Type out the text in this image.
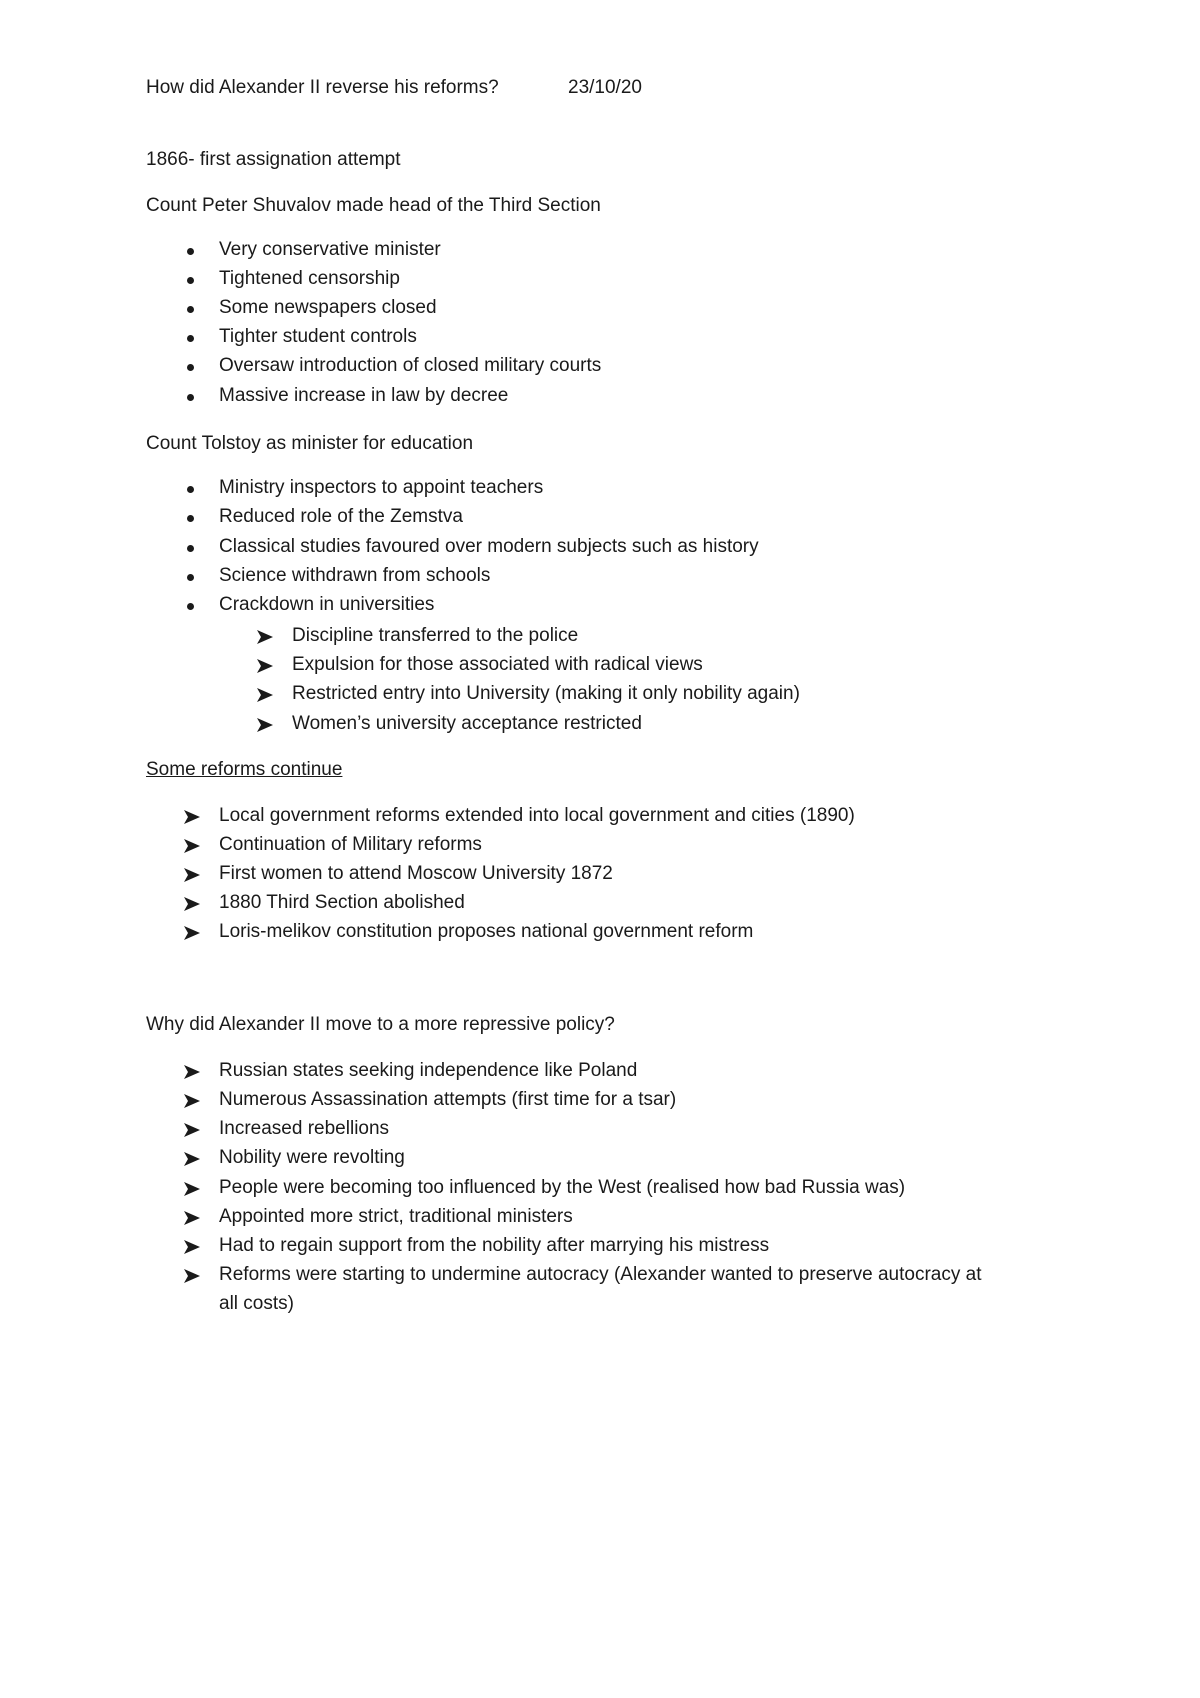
How did Alexander II reverse his reforms?	23/10/20
1866- first assignation attempt
Count Peter Shuvalov made head of the Third Section
Very conservative minister
Tightened censorship
Some newspapers closed
Tighter student controls
Oversaw introduction of closed military courts
Massive increase in law by decree
Count Tolstoy as minister for education
Ministry inspectors to appoint teachers
Reduced role of the Zemstva
Classical studies favoured over modern subjects such as history
Science withdrawn from schools
Crackdown in universities
Discipline transferred to the police
Expulsion for those associated with radical views
Restricted entry into University (making it only nobility again)
Women’s university acceptance restricted
Some reforms continue
Local government reforms extended into local government and cities (1890)
Continuation of Military reforms
First women to attend Moscow University 1872
1880 Third Section abolished
Loris-melikov constitution proposes national government reform
Why did Alexander II move to a more repressive policy?
Russian states seeking independence like Poland
Numerous Assassination attempts (first time for a tsar)
Increased rebellions
Nobility were revolting
People were becoming too influenced by the West (realised how bad Russia was)
Appointed more strict, traditional ministers
Had to regain support from the nobility after marrying his mistress
Reforms were starting to undermine autocracy (Alexander wanted to preserve autocracy at
all costs)
